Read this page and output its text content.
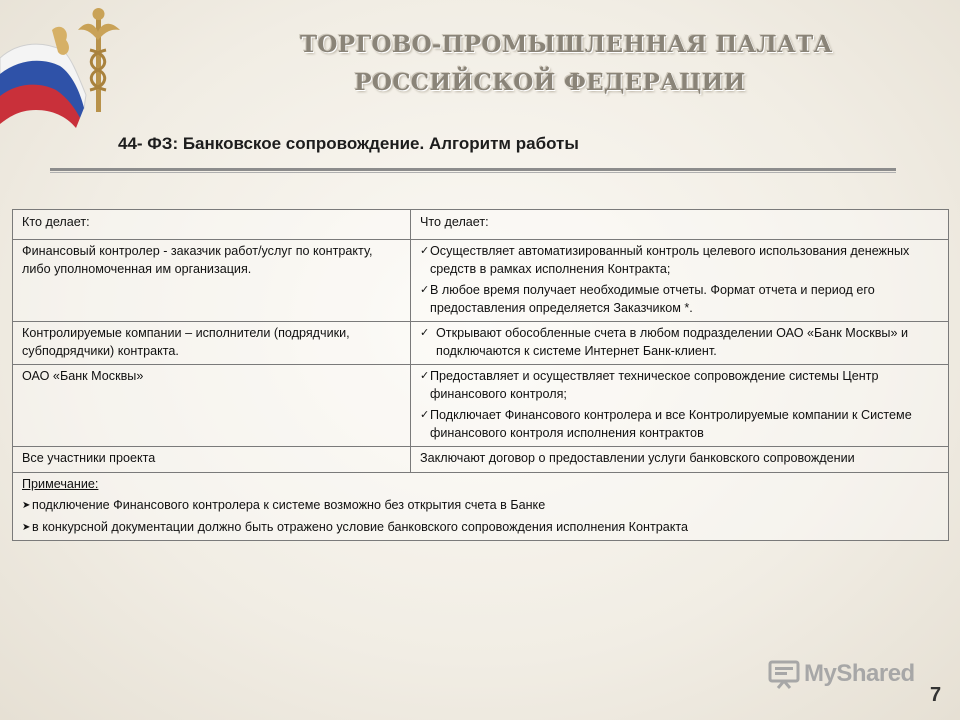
ТОРГОВО-ПРОМЫШЛЕННАЯ ПАЛАТА
РОССИЙСКОЙ ФЕДЕРАЦИИ
44- ФЗ: Банковское сопровождение. Алгоритм работы
Кто делает:	Что делает:
Финансовый контролер - заказчик работ/услуг по контракту, либо уполномоченная им организация.	✓ Осуществляет автоматизированный контроль целевого использования денежных средств в рамках исполнения Контракта;
✓ В любое время получает необходимые отчеты. Формат отчета и период его предоставления определяется Заказчиком *.

Контролируемые компании – исполнители (подрядчики, субподрядчики) контракта.	✓ Открывают обособленные счета в любом подразделении ОАО «Банк Москвы» и подключаются к системе Интернет Банк-клиент.

ОАО «Банк Москвы»	✓ Предоставляет и осуществляет техническое сопровождение системы Центр финансового контроля;
✓ Подключает Финансового контролера и все Контролируемые компании к Системе финансового контроля исполнения контрактов

Все участники проекта	Заключают договор о предоставлении услуги банковского сопровождении

Примечание:
➤ подключение Финансового контролера к системе возможно без открытия счета в Банке
➤ в конкурсной документации должно быть отражено условие банковского сопровождения исполнения Контракта	
MyShared
7
